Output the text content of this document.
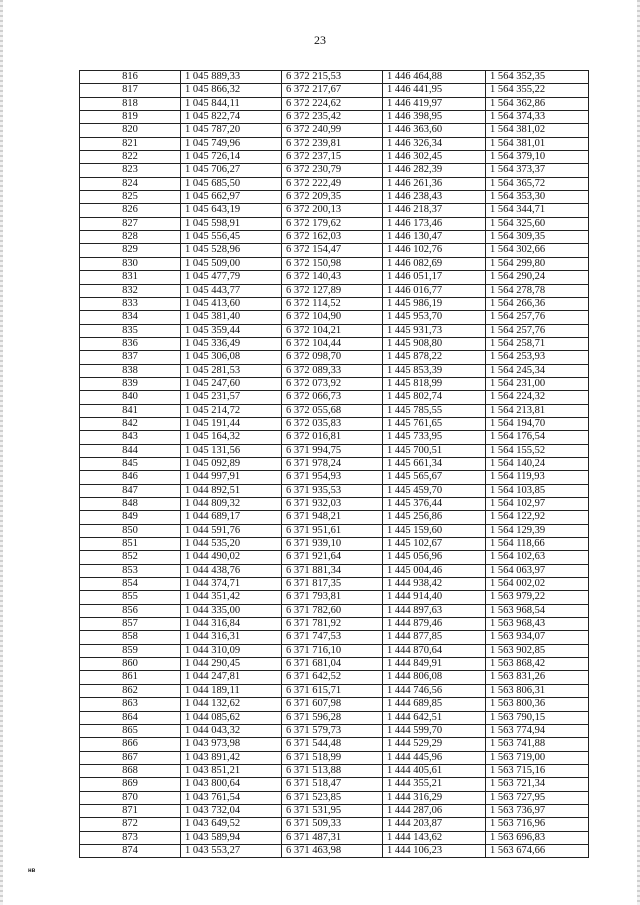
23
816	1 045 889,33	6 372 215,53	1 446 464,88	1 564 352,35
817	1 045 866,32	6 372 217,67	1 446 441,95	1 564 355,22
818	1 045 844,11	6 372 224,62	1 446 419,97	1 564 362,86
819	1 045 822,74	6 372 235,42	1 446 398,95	1 564 374,33
820	1 045 787,20	6 372 240,99	1 446 363,60	1 564 381,02
821	1 045 749,96	6 372 239,81	1 446 326,34	1 564 381,01
822	1 045 726,14	6 372 237,15	1 446 302,45	1 564 379,10
823	1 045 706,27	6 372 230,79	1 446 282,39	1 564 373,37
824	1 045 685,50	6 372 222,49	1 446 261,36	1 564 365,72
825	1 045 662,97	6 372 209,35	1 446 238,43	1 564 353,30
826	1 045 643,19	6 372 200,13	1 446 218,37	1 564 344,71
827	1 045 598,91	6 372 179,62	1 446 173,46	1 564 325,60
828	1 045 556,45	6 372 162,03	1 446 130,47	1 564 309,35
829	1 045 528,96	6 372 154,47	1 446 102,76	1 564 302,66
830	1 045 509,00	6 372 150,98	1 446 082,69	1 564 299,80
831	1 045 477,79	6 372 140,43	1 446 051,17	1 564 290,24
832	1 045 443,77	6 372 127,89	1 446 016,77	1 564 278,78
833	1 045 413,60	6 372 114,52	1 445 986,19	1 564 266,36
834	1 045 381,40	6 372 104,90	1 445 953,70	1 564 257,76
835	1 045 359,44	6 372 104,21	1 445 931,73	1 564 257,76
836	1 045 336,49	6 372 104,44	1 445 908,80	1 564 258,71
837	1 045 306,08	6 372 098,70	1 445 878,22	1 564 253,93
838	1 045 281,53	6 372 089,33	1 445 853,39	1 564 245,34
839	1 045 247,60	6 372 073,92	1 445 818,99	1 564 231,00
840	1 045 231,57	6 372 066,73	1 445 802,74	1 564 224,32
841	1 045 214,72	6 372 055,68	1 445 785,55	1 564 213,81
842	1 045 191,44	6 372 035,83	1 445 761,65	1 564 194,70
843	1 045 164,32	6 372 016,81	1 445 733,95	1 564 176,54
844	1 045 131,56	6 371 994,75	1 445 700,51	1 564 155,52
845	1 045 092,89	6 371 978,24	1 445 661,34	1 564 140,24
846	1 044 997,91	6 371 954,93	1 445 565,67	1 564 119,93
847	1 044 892,51	6 371 935,53	1 445 459,70	1 564 103,85
848	1 044 809,32	6 371 932,03	1 445 376,44	1 564 102,97
849	1 044 689,17	6 371 948,21	1 445 256,86	1 564 122,92
850	1 044 591,76	6 371 951,61	1 445 159,60	1 564 129,39
851	1 044 535,20	6 371 939,10	1 445 102,67	1 564 118,66
852	1 044 490,02	6 371 921,64	1 445 056,96	1 564 102,63
853	1 044 438,76	6 371 881,34	1 445 004,46	1 564 063,97
854	1 044 374,71	6 371 817,35	1 444 938,42	1 564 002,02
855	1 044 351,42	6 371 793,81	1 444 914,40	1 563 979,22
856	1 044 335,00	6 371 782,60	1 444 897,63	1 563 968,54
857	1 044 316,84	6 371 781,92	1 444 879,46	1 563 968,43
858	1 044 316,31	6 371 747,53	1 444 877,85	1 563 934,07
859	1 044 310,09	6 371 716,10	1 444 870,64	1 563 902,85
860	1 044 290,45	6 371 681,04	1 444 849,91	1 563 868,42
861	1 044 247,81	6 371 642,52	1 444 806,08	1 563 831,26
862	1 044 189,11	6 371 615,71	1 444 746,56	1 563 806,31
863	1 044 132,62	6 371 607,98	1 444 689,85	1 563 800,36
864	1 044 085,62	6 371 596,28	1 444 642,51	1 563 790,15
865	1 044 043,32	6 371 579,73	1 444 599,70	1 563 774,94
866	1 043 973,98	6 371 544,48	1 444 529,29	1 563 741,88
867	1 043 891,42	6 371 518,99	1 444 445,96	1 563 719,00
868	1 043 851,21	6 371 513,88	1 444 405,61	1 563 715,16
869	1 043 800,64	6 371 518,47	1 444 355,21	1 563 721,34
870	1 043 761,54	6 371 523,85	1 444 316,29	1 563 727,95
871	1 043 732,04	6 371 531,95	1 444 287,06	1 563 736,97
872	1 043 649,52	6 371 509,33	1 444 203,87	1 563 716,96
873	1 043 589,94	6 371 487,31	1 444 143,62	1 563 696,83
874	1 043 553,27	6 371 463,98	1 444 106,23	1 563 674,66
нв
